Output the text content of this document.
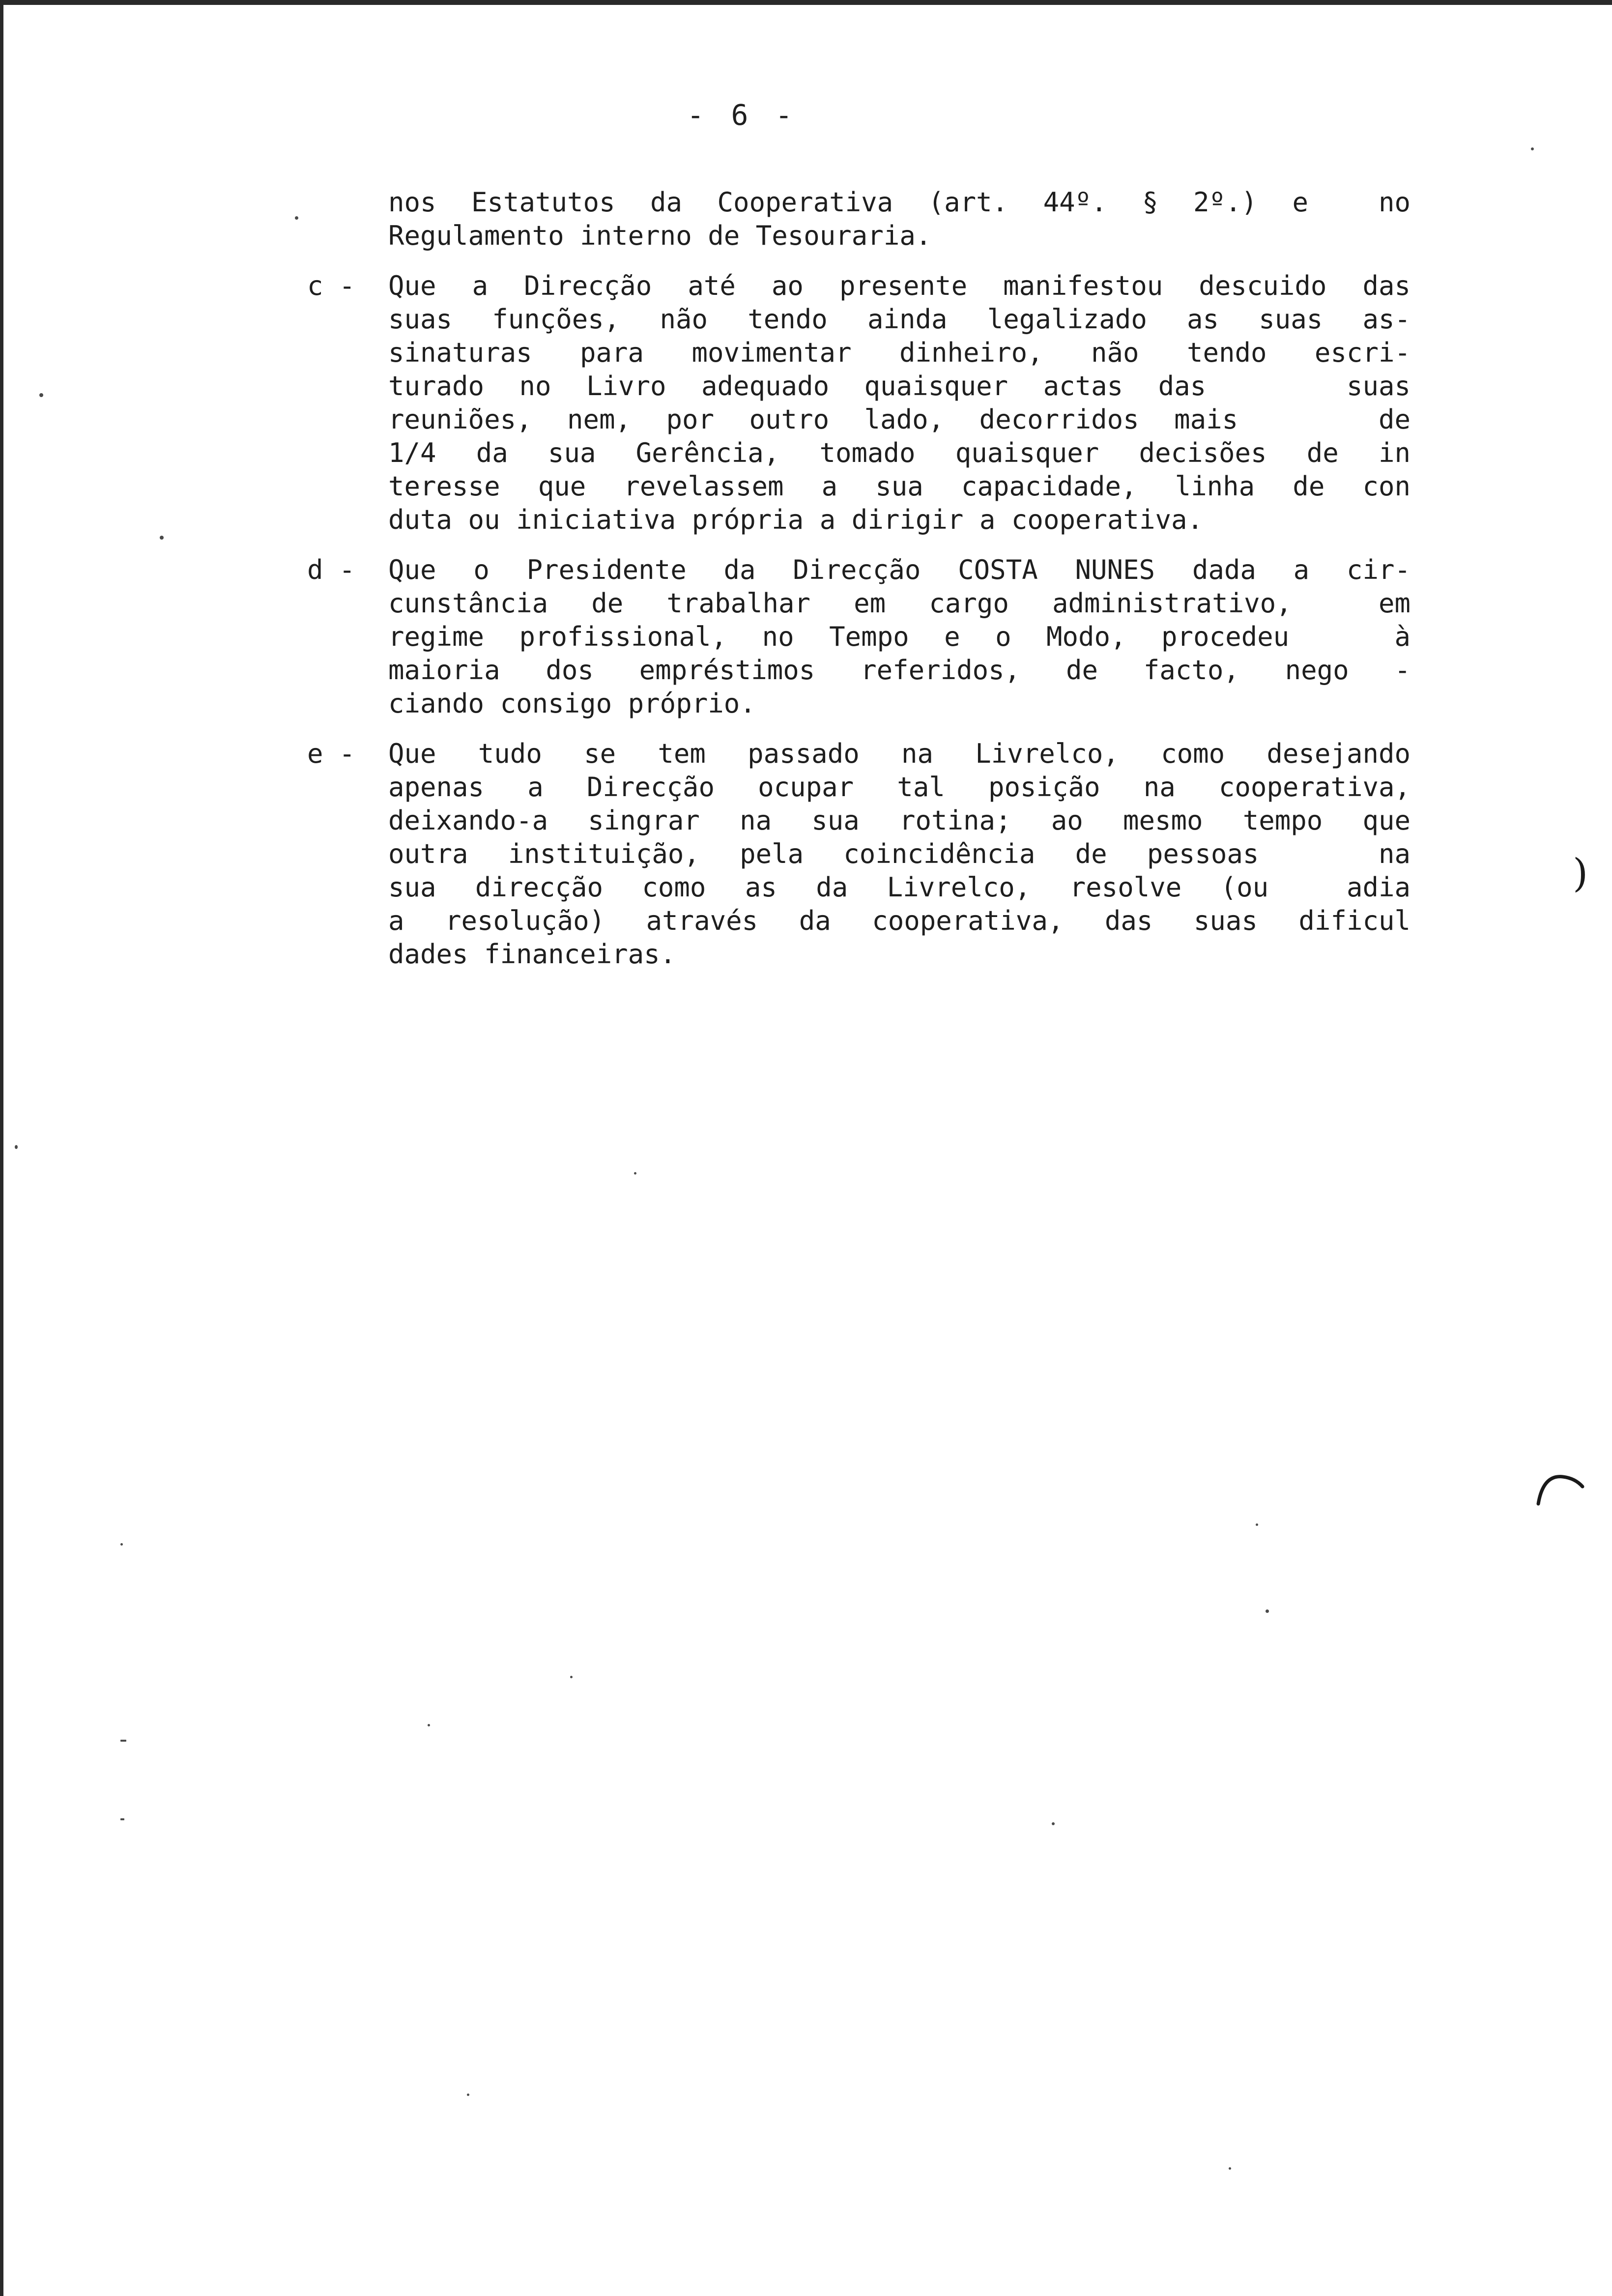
- 6 -
nos Estatutos da Cooperativa (art. 44º. § 2º.) e  no
Regulamento interno de Tesouraria.
c -	Que a Direcção até ao presente manifestou descuido das
suas funções, não tendo ainda legalizado as suas as-
sinaturas para movimentar dinheiro, não tendo escri-
turado no Livro adequado quaisquer actas das    suas
reuniões, nem, por outro lado, decorridos mais    de
1/4 da sua Gerência, tomado quaisquer decisões de in
teresse que revelassem a sua capacidade, linha de con
duta ou iniciativa própria a dirigir a cooperativa.
d -	Que o Presidente da Direcção COSTA NUNES dada a cir-
cunstância de trabalhar em cargo administrativo,  em
regime profissional, no Tempo e o Modo, procedeu   à
maioria dos empréstimos referidos, de facto, nego -
ciando consigo próprio.
e -	Que tudo se tem passado na Livrelco, como desejando
apenas a Direcção ocupar tal posição na cooperativa,
deixando-a singrar na sua rotina; ao mesmo tempo que
outra instituição, pela coincidência de pessoas   na
sua direcção como as da Livrelco, resolve (ou  adia
a resolução) através da cooperativa, das suas dificul
dades financeiras.
)
